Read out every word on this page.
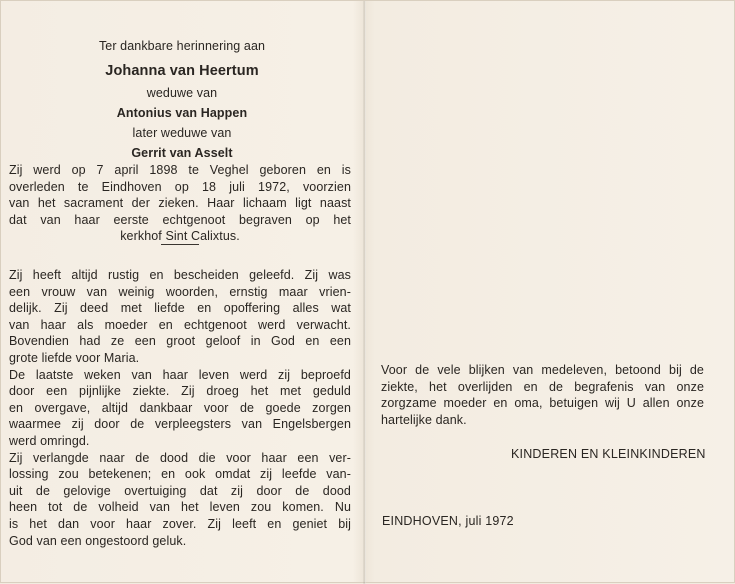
Ter dankbare herinnering aan
Johanna van Heertum
weduwe van
Antonius van Happen
later weduwe van
Gerrit van Asselt
Zij werd op 7 april 1898 te Veghel geboren en is
overleden te Eindhoven op 18 juli 1972, voorzien
van het sacrament der zieken. Haar lichaam ligt naast
dat van haar eerste echtgenoot begraven op het
kerkhof Sint Calixtus.
Zij heeft altijd rustig en bescheiden geleefd. Zij was
een vrouw van weinig woorden, ernstig maar vrien-
delijk. Zij deed met liefde en opoffering alles wat
van haar als moeder en echtgenoot werd verwacht.
Bovendien had ze een groot geloof in God en een
grote liefde voor Maria.
De laatste weken van haar leven werd zij beproefd
door een pijnlijke ziekte. Zij droeg het met geduld
en overgave, altijd dankbaar voor de goede zorgen
waarmee zij door de verpleegsters van Engelsbergen
werd omringd.
Zij verlangde naar de dood die voor haar een ver-
lossing zou betekenen; en ook omdat zij leefde van-
uit de gelovige overtuiging dat zij door de dood
heen tot de volheid van het leven zou komen. Nu
is het dan voor haar zover. Zij leeft en geniet bij
God van een ongestoord geluk.
Voor de vele blijken van medeleven, betoond bij de
ziekte, het overlijden en de begrafenis van onze
zorgzame moeder en oma, betuigen wij U allen onze
hartelijke dank.
KINDEREN EN KLEINKINDEREN
EINDHOVEN, juli 1972
